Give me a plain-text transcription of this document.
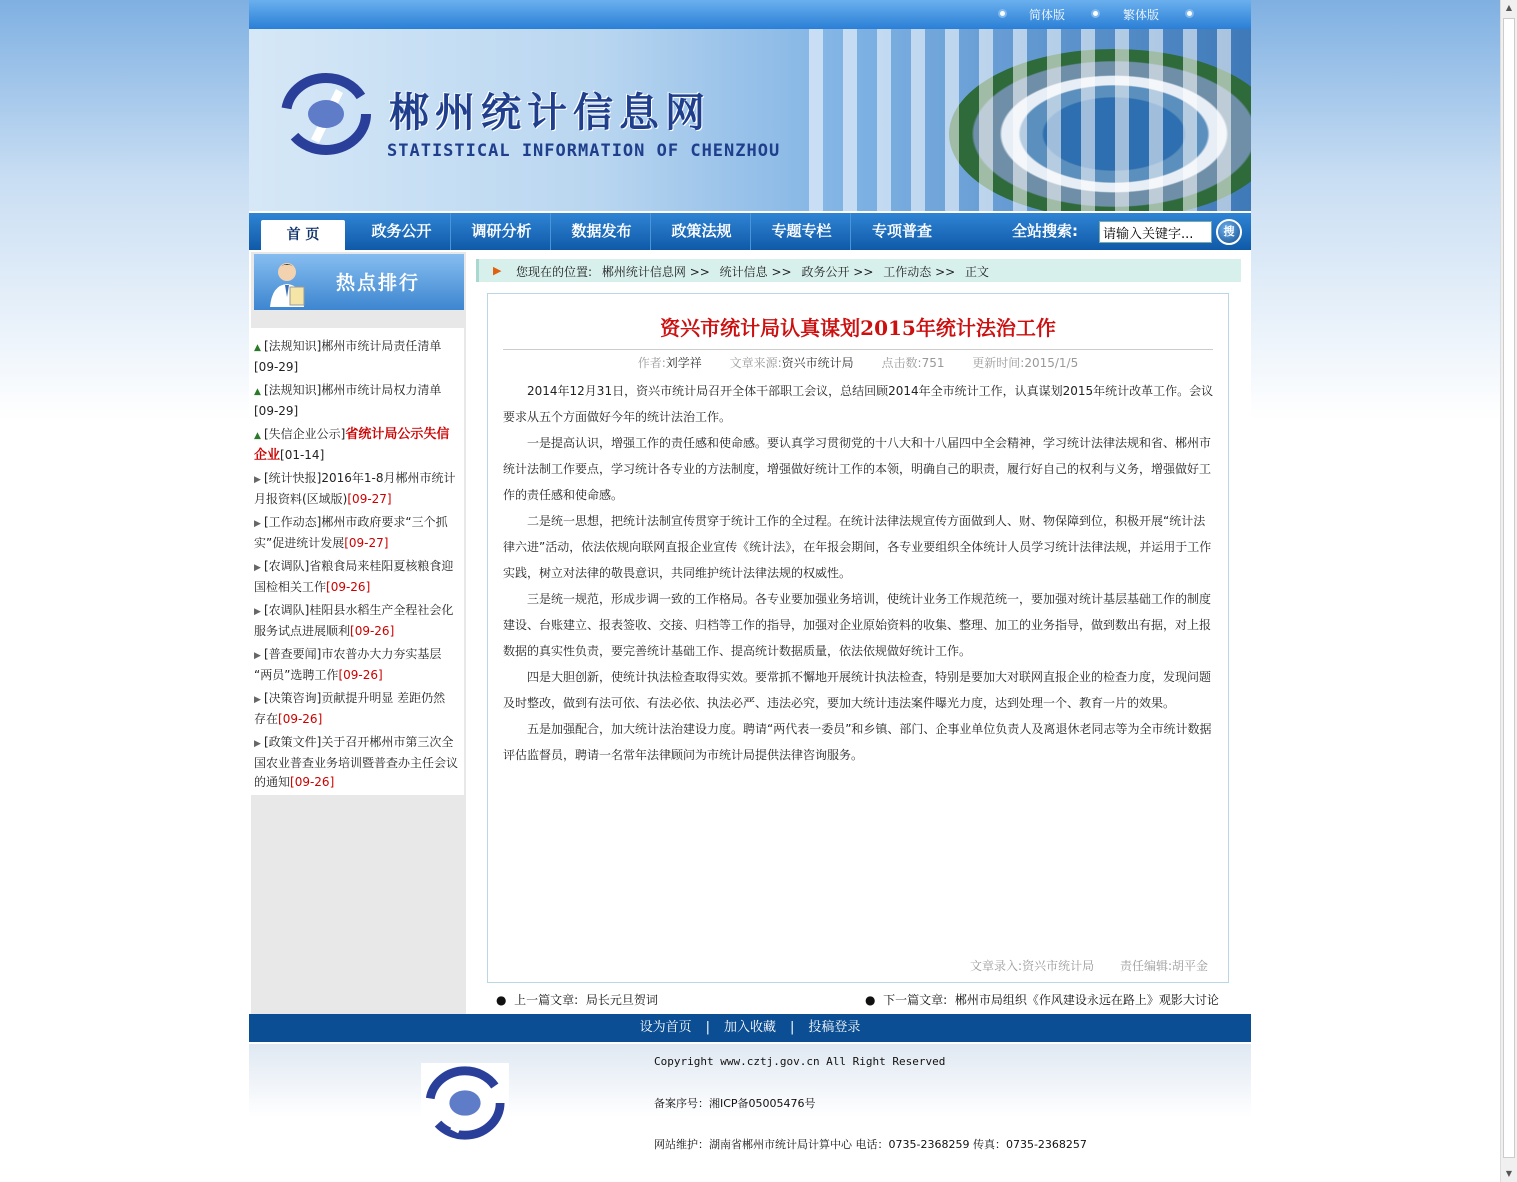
▲
▼
简体版	繁体版
郴州统计信息网
STATISTICAL INFORMATION OF CHENZHOU
首 页	政务公开	调研分析	数据发布	政策法规	专题专栏	专项普查	全站搜索:
请输入关键字...	搜
热点排行
▲ [法规知识]郴州市统计局责任清单
[09-29]
▲ [法规知识]郴州市统计局权力清单
[09-29]
▲ [失信企业公示]省统计局公示失信企业[01-14]
▶ [统计快报]2016年1-8月郴州市统计
月报资料(区域版)[09-27]
▶ [工作动态]郴州市政府要求“三个抓
实”促进统计发展[09-27]
▶ [农调队]省粮食局来桂阳夏核粮食迎
国检相关工作[09-26]
▶ [农调队]桂阳县水稻生产全程社会化
服务试点进展顺利[09-26]
▶ [普查要闻]市农普办大力夯实基层
“两员”选聘工作[09-26]
▶ [决策咨询]贡献提升明显 差距仍然
存在[09-26]
▶ [政策文件]关于召开郴州市第三次全
国农业普查业务培训暨普查办主任会议
的通知[09-26]
▶ 您现在的位置: 郴州统计信息网 >> 统计信息 >> 政务公开 >> 工作动态 >> 正文
资兴市统计局认真谋划2015年统计法治工作
作者:刘学祥 文章来源:资兴市统计局 点击数:751 更新时间:2015/1/5

2014年12月31日，资兴市统计局召开全体干部职工会议，总结回顾2014年全市统计工作，认真谋划2015年统计改革工作。会议要求从五个方面做好今年的统计法治工作。

一是提高认识，增强工作的责任感和使命感。要认真学习贯彻党的十八大和十八届四中全会精神，学习统计法律法规和省、郴州市统计法制工作要点，学习统计各专业的方法制度，增强做好统计工作的本领，明确自己的职责，履行好自己的权利与义务，增强做好工作的责任感和使命感。

二是统一思想，把统计法制宣传贯穿于统计工作的全过程。在统计法律法规宣传方面做到人、财、物保障到位，积极开展“统计法律六进”活动，依法依规向联网直报企业宣传《统计法》，在年报会期间，各专业要组织全体统计人员学习统计法律法规，并运用于工作实践，树立对法律的敬畏意识，共同维护统计法律法规的权威性。

三是统一规范，形成步调一致的工作格局。各专业要加强业务培训，使统计业务工作规范统一，要加强对统计基层基础工作的制度建设、台账建立、报表签收、交接、归档等工作的指导，加强对企业原始资料的收集、整理、加工的业务指导，做到数出有据，对上报数据的真实性负责，要完善统计基础工作、提高统计数据质量，依法依规做好统计工作。

四是大胆创新，使统计执法检查取得实效。要常抓不懈地开展统计执法检查，特别是要加大对联网直报企业的检查力度，发现问题及时整改，做到有法可依、有法必依、执法必严、违法必究，要加大统计违法案件曝光力度，达到处理一个、教育一片的效果。

五是加强配合，加大统计法治建设力度。聘请“两代表一委员”和乡镇、部门、企事业单位负责人及离退休老同志等为全市统计数据评估监督员，聘请一名常年法律顾问为市统计局提供法律咨询服务。

文章录入:资兴市统计局 责任编辑:胡平金
● 上一篇文章: 局长元旦贺词	● 下一篇文章: 郴州市局组织《作风建设永远在路上》观影大讨论
设为首页 | 加入收藏 | 投稿登录
Copyright www.cztj.gov.cn All Right Reserved
备案序号：湘ICP备05005476号
网站维护：湖南省郴州市统计局计算中心 电话：0735-2368259 传真：0735-2368257
